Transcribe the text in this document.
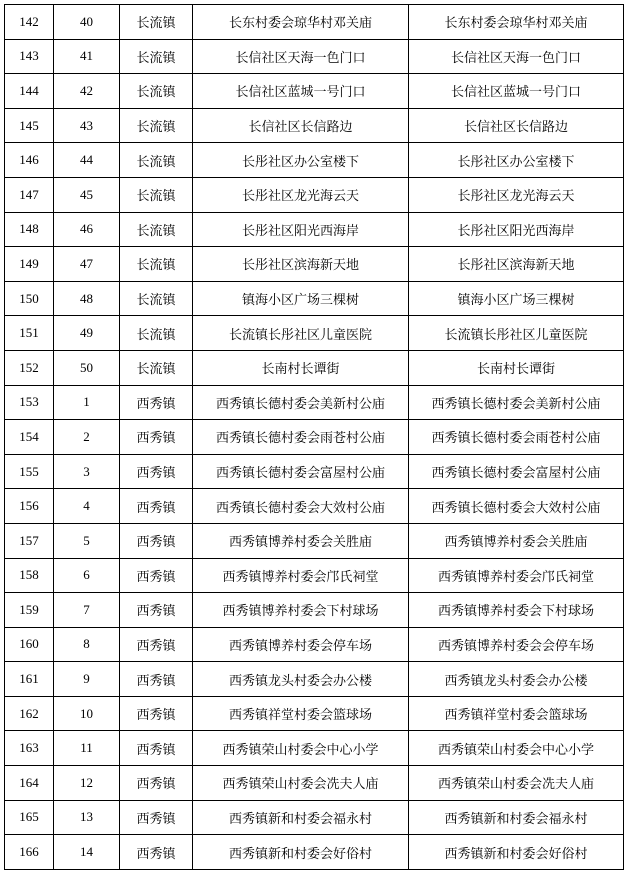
142	40	长流镇	长东村委会琼华村邓关庙	长东村委会琼华村邓关庙
143	41	长流镇	长信社区天海一色门口	长信社区天海一色门口
144	42	长流镇	长信社区蓝城一号门口	长信社区蓝城一号门口
145	43	长流镇	长信社区长信路边	长信社区长信路边
146	44	长流镇	长彤社区办公室楼下	长彤社区办公室楼下
147	45	长流镇	长彤社区龙光海云天	长彤社区龙光海云天
148	46	长流镇	长彤社区阳光西海岸	长彤社区阳光西海岸
149	47	长流镇	长彤社区滨海新天地	长彤社区滨海新天地
150	48	长流镇	镇海小区广场三棵树	镇海小区广场三棵树
151	49	长流镇	长流镇长彤社区儿童医院	长流镇长彤社区儿童医院
152	50	长流镇	长南村长谭街	长南村长谭街
153	1	西秀镇	西秀镇长德村委会美新村公庙	西秀镇长德村委会美新村公庙
154	2	西秀镇	西秀镇长德村委会雨苍村公庙	西秀镇长德村委会雨苍村公庙
155	3	西秀镇	西秀镇长德村委会富屋村公庙	西秀镇长德村委会富屋村公庙
156	4	西秀镇	西秀镇长德村委会大效村公庙	西秀镇长德村委会大效村公庙
157	5	西秀镇	西秀镇博养村委会关胜庙	西秀镇博养村委会关胜庙
158	6	西秀镇	西秀镇博养村委会邝氏祠堂	西秀镇博养村委会邝氏祠堂
159	7	西秀镇	西秀镇博养村委会下村球场	西秀镇博养村委会下村球场
160	8	西秀镇	西秀镇博养村委会停车场	西秀镇博养村委会会停车场
161	9	西秀镇	西秀镇龙头村委会办公楼	西秀镇龙头村委会办公楼
162	10	西秀镇	西秀镇祥堂村委会篮球场	西秀镇祥堂村委会篮球场
163	11	西秀镇	西秀镇荣山村委会中心小学	西秀镇荣山村委会中心小学
164	12	西秀镇	西秀镇荣山村委会冼夫人庙	西秀镇荣山村委会冼夫人庙
165	13	西秀镇	西秀镇新和村委会福永村	西秀镇新和村委会福永村
166	14	西秀镇	西秀镇新和村委会好俗村	西秀镇新和村委会好俗村
